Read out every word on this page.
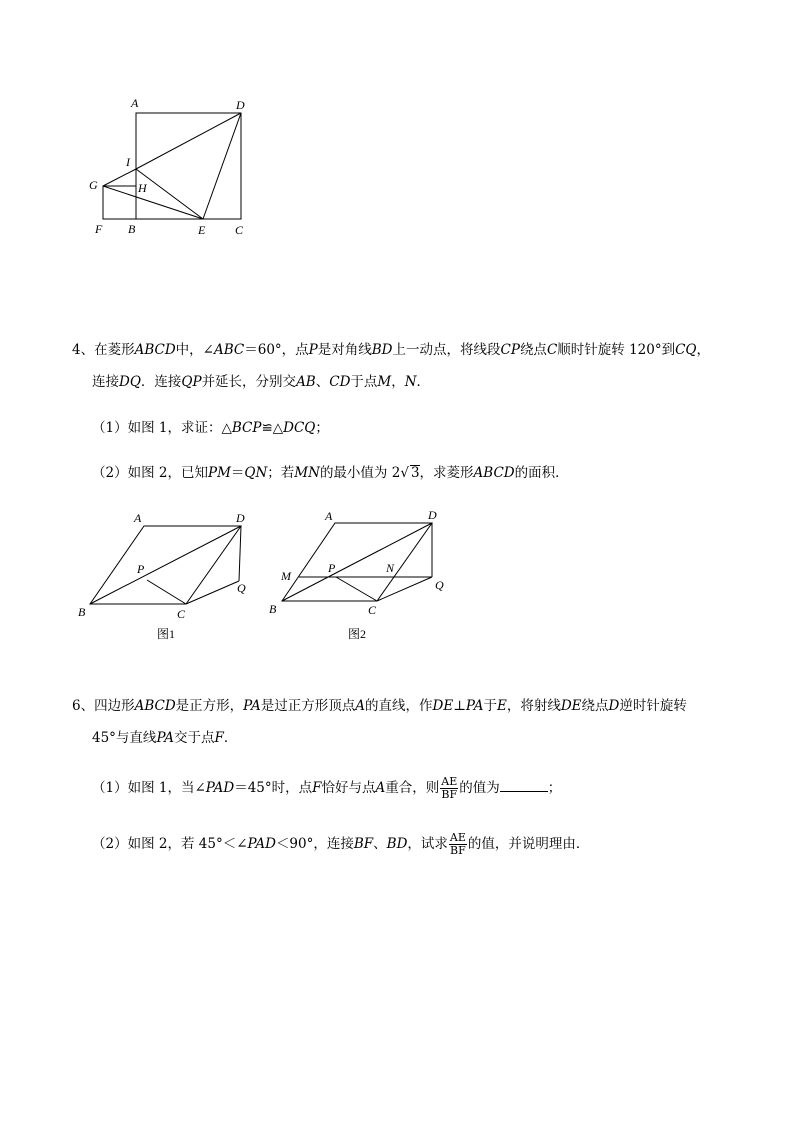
A	D
I
G	H
F B	E C
4、在菱形ABCD中，∠ABC＝60°，点P是对角线BD上一动点，将线段CP绕点C顺时针旋转 120°到CQ，
连接DQ．连接QP并延长，分别交AB、CD于点M，N．
（1）如图 1，求证：△BCP≌△DCQ；
（2）如图 2，已知PM＝QN；若MN的最小值为 2√ 3，求菱形ABCD的面积．
A	D
P
Q
B	C
图1
A	D
M
P	N
Q
B	C
图2
6、四边形ABCD是正方形，PA是过正方形顶点A的直线，作DE⊥PA于E，将射线DE绕点D逆时针旋转
45°与直线PA交于点F．
（1）如图 1，当∠PAD＝45°时，点F恰好与点A重合，则 $\frac{AE}{BF}$ 的值为	；
（2）如图 2，若 45°＜∠PAD＜90°，连接BF、BD，试求 $\frac{AE}{BF}$ 的值，并说明理由．
